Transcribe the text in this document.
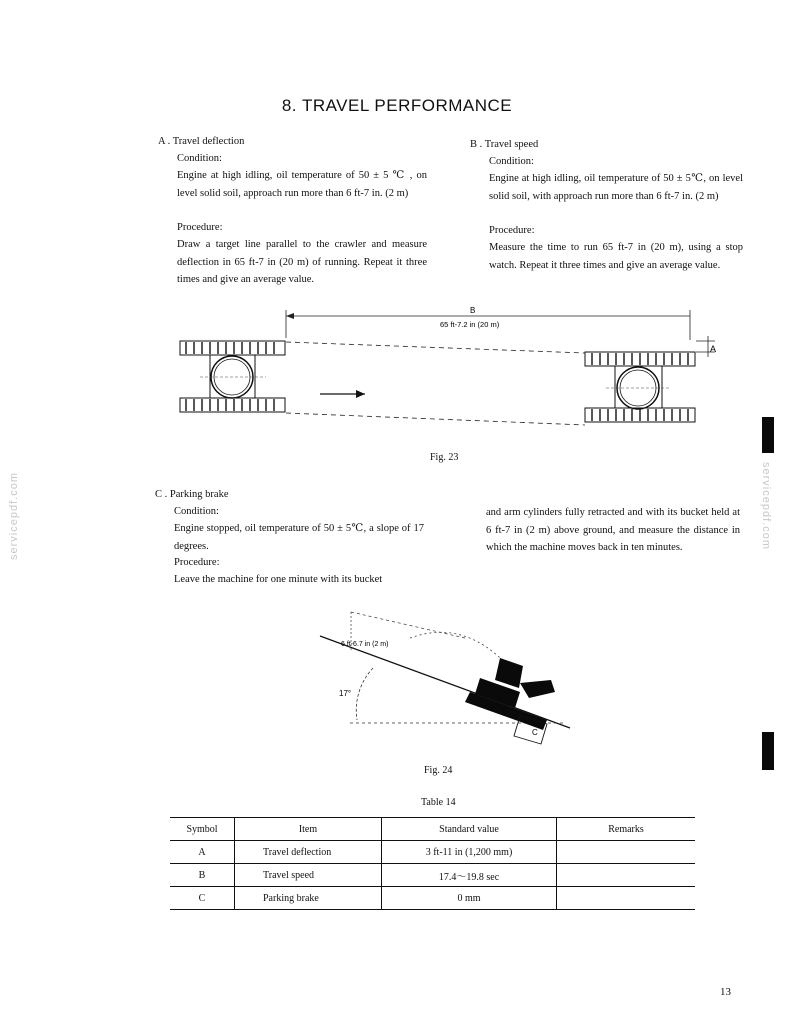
8. TRAVEL PERFORMANCE
A . Travel deflection
Condition:
Engine at high idling, oil temperature of 50 ± 5 ℃ , on level solid soil, approach run more than 6 ft-7 in. (2 m)
Procedure:
Draw a target line parallel to the crawler and measure deflection in 65 ft-7 in (20 m) of running. Repeat it three times and give an average value.
B . Travel speed
Condition:
Engine at high idling, oil temperature of 50 ± 5℃, on level solid soil, with approach run more than 6 ft-7 in. (2 m)
Procedure:
Measure the time to run 65 ft-7 in (20 m), using a stop watch. Repeat it three times and give an average value.
B
65 ft-7.2 in (20 m)
A
Fig. 23
C . Parking brake
Condition:
Engine stopped, oil temperature of 50 ± 5℃, a slope of 17 degrees.
Procedure:
Leave the machine for one minute with its bucket
and arm cylinders fully retracted and with its bucket held at 6 ft-7 in (2 m) above ground, and measure the distance in which the machine moves back in ten minutes.
17°
6 ft-6.7 in (2 m)
C
Fig. 24
Table 14
Symbol	Item	Standard value	Remarks
A	Travel deflection	3 ft-11 in (1,200 mm)	
B	Travel speed	17.4～19.8 sec	
C	Parking brake	0 mm	
servicepdf.com	servicepdf.com
13
